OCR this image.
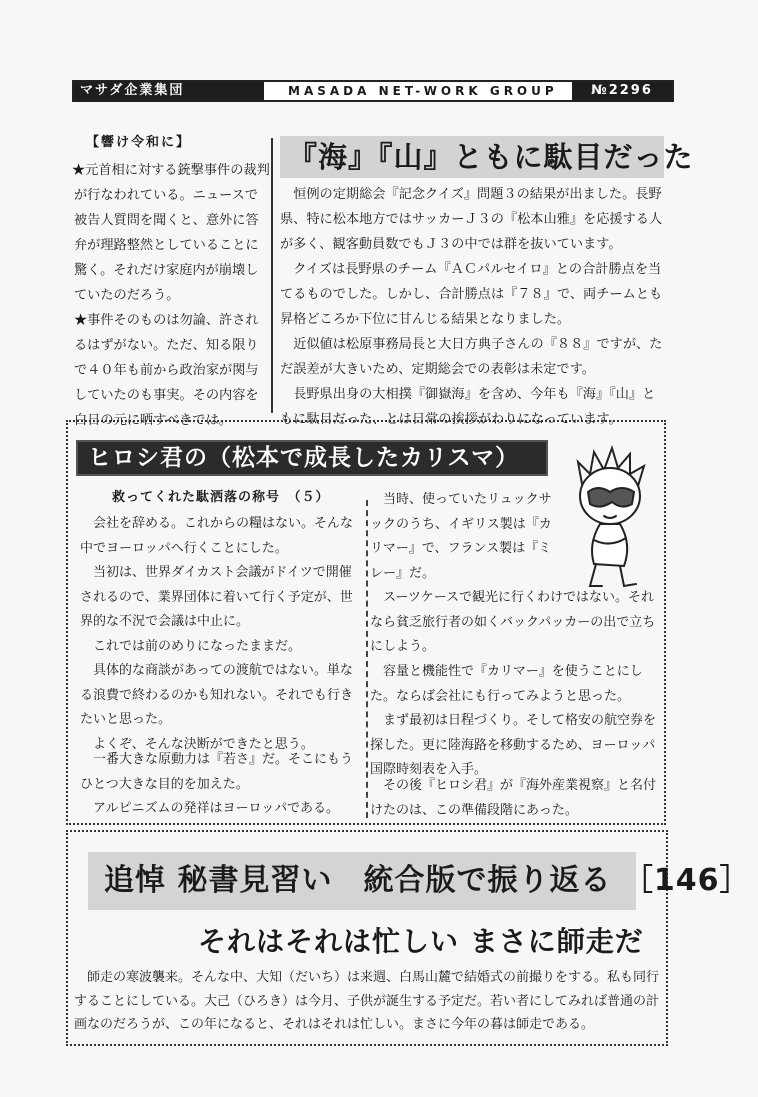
マサダ企業集団	MASADA NET-WORK GROUP	№2296
【響け令和に】
★元首相に対する銃撃事件の裁判が行なわれている。ニュースで被告人質問を聞くと、意外に答弁が理路整然としていることに驚く。それだけ家庭内が崩壊していたのだろう。
★事件そのものは勿論、許されるはずがない。ただ、知る限りで４０年も前から政治家が関与していたのも事実。その内容を白日の元に晒すべきでは。
『海』『山』ともに駄目だった
恒例の定期総会『記念クイズ』問題３の結果が出ました。長野県、特に松本地方ではサッカーＪ３の『松本山雅』を応援する人が多く、観客動員数でもＪ３の中では群を抜いています。
クイズは長野県のチーム『ＡＣパルセイロ』との合計勝点を当てるものでした。しかし、合計勝点は『７８』で、両チームとも昇格どころか下位に甘んじる結果となりました。
近似値は松原事務局長と大日方典子さんの『８８』ですが、ただ誤差が大きいため、定期総会での表彰は未定です。
長野県出身の大相撲『御嶽海』を含め、今年も『海』『山』ともに駄目だった、とは日常の挨拶がわりになっています。
ヒロシ君の（松本で成長したカリスマ）
救ってくれた駄洒落の称号　（５）
会社を辞める。これからの糧はない。そんな中でヨーロッパへ行くことにした。
当初は、世界ダイカスト会議がドイツで開催されるので、業界団体に着いて行く予定が、世界的な不況で会議は中止に。
これでは前のめりになったままだ。
具体的な商談があっての渡航ではない。単なる浪費で終わるのかも知れない。それでも行きたいと思った。
よくぞ、そんな決断ができたと思う。
一番大きな原動力は『若さ』だ。そこにもうひとつ大きな目的を加えた。
アルピニズムの発祥はヨーロッパである。
当時、使っていたリュックサックのうち、イギリス製は『カリマー』で、フランス製は『ミレー』だ。
スーツケースで観光に行くわけではない。それなら貧乏旅行者の如くバックパッカーの出で立ちにしよう。
容量と機能性で『カリマー』を使うことにした。ならば会社にも行ってみようと思った。
まず最初は日程づくり。そして格安の航空券を探した。更に陸海路を移動するため、ヨーロッパ国際時刻表を入手。
その後『ヒロシ君』が『海外産業視察』と名付けたのは、この準備段階にあった。
追悼 秘書見習い　統合版で振り返る ［146］
それはそれは忙しい まさに師走だ
師走の寒波襲来。そんな中、大知（だいち）は来週、白馬山麓で結婚式の前撮りをする。私も同行することにしている。大己（ひろき）は今月、子供が誕生する予定だ。若い者にしてみれば普通の計画なのだろうが、この年になると、それはそれは忙しい。まさに今年の暮は師走である。
